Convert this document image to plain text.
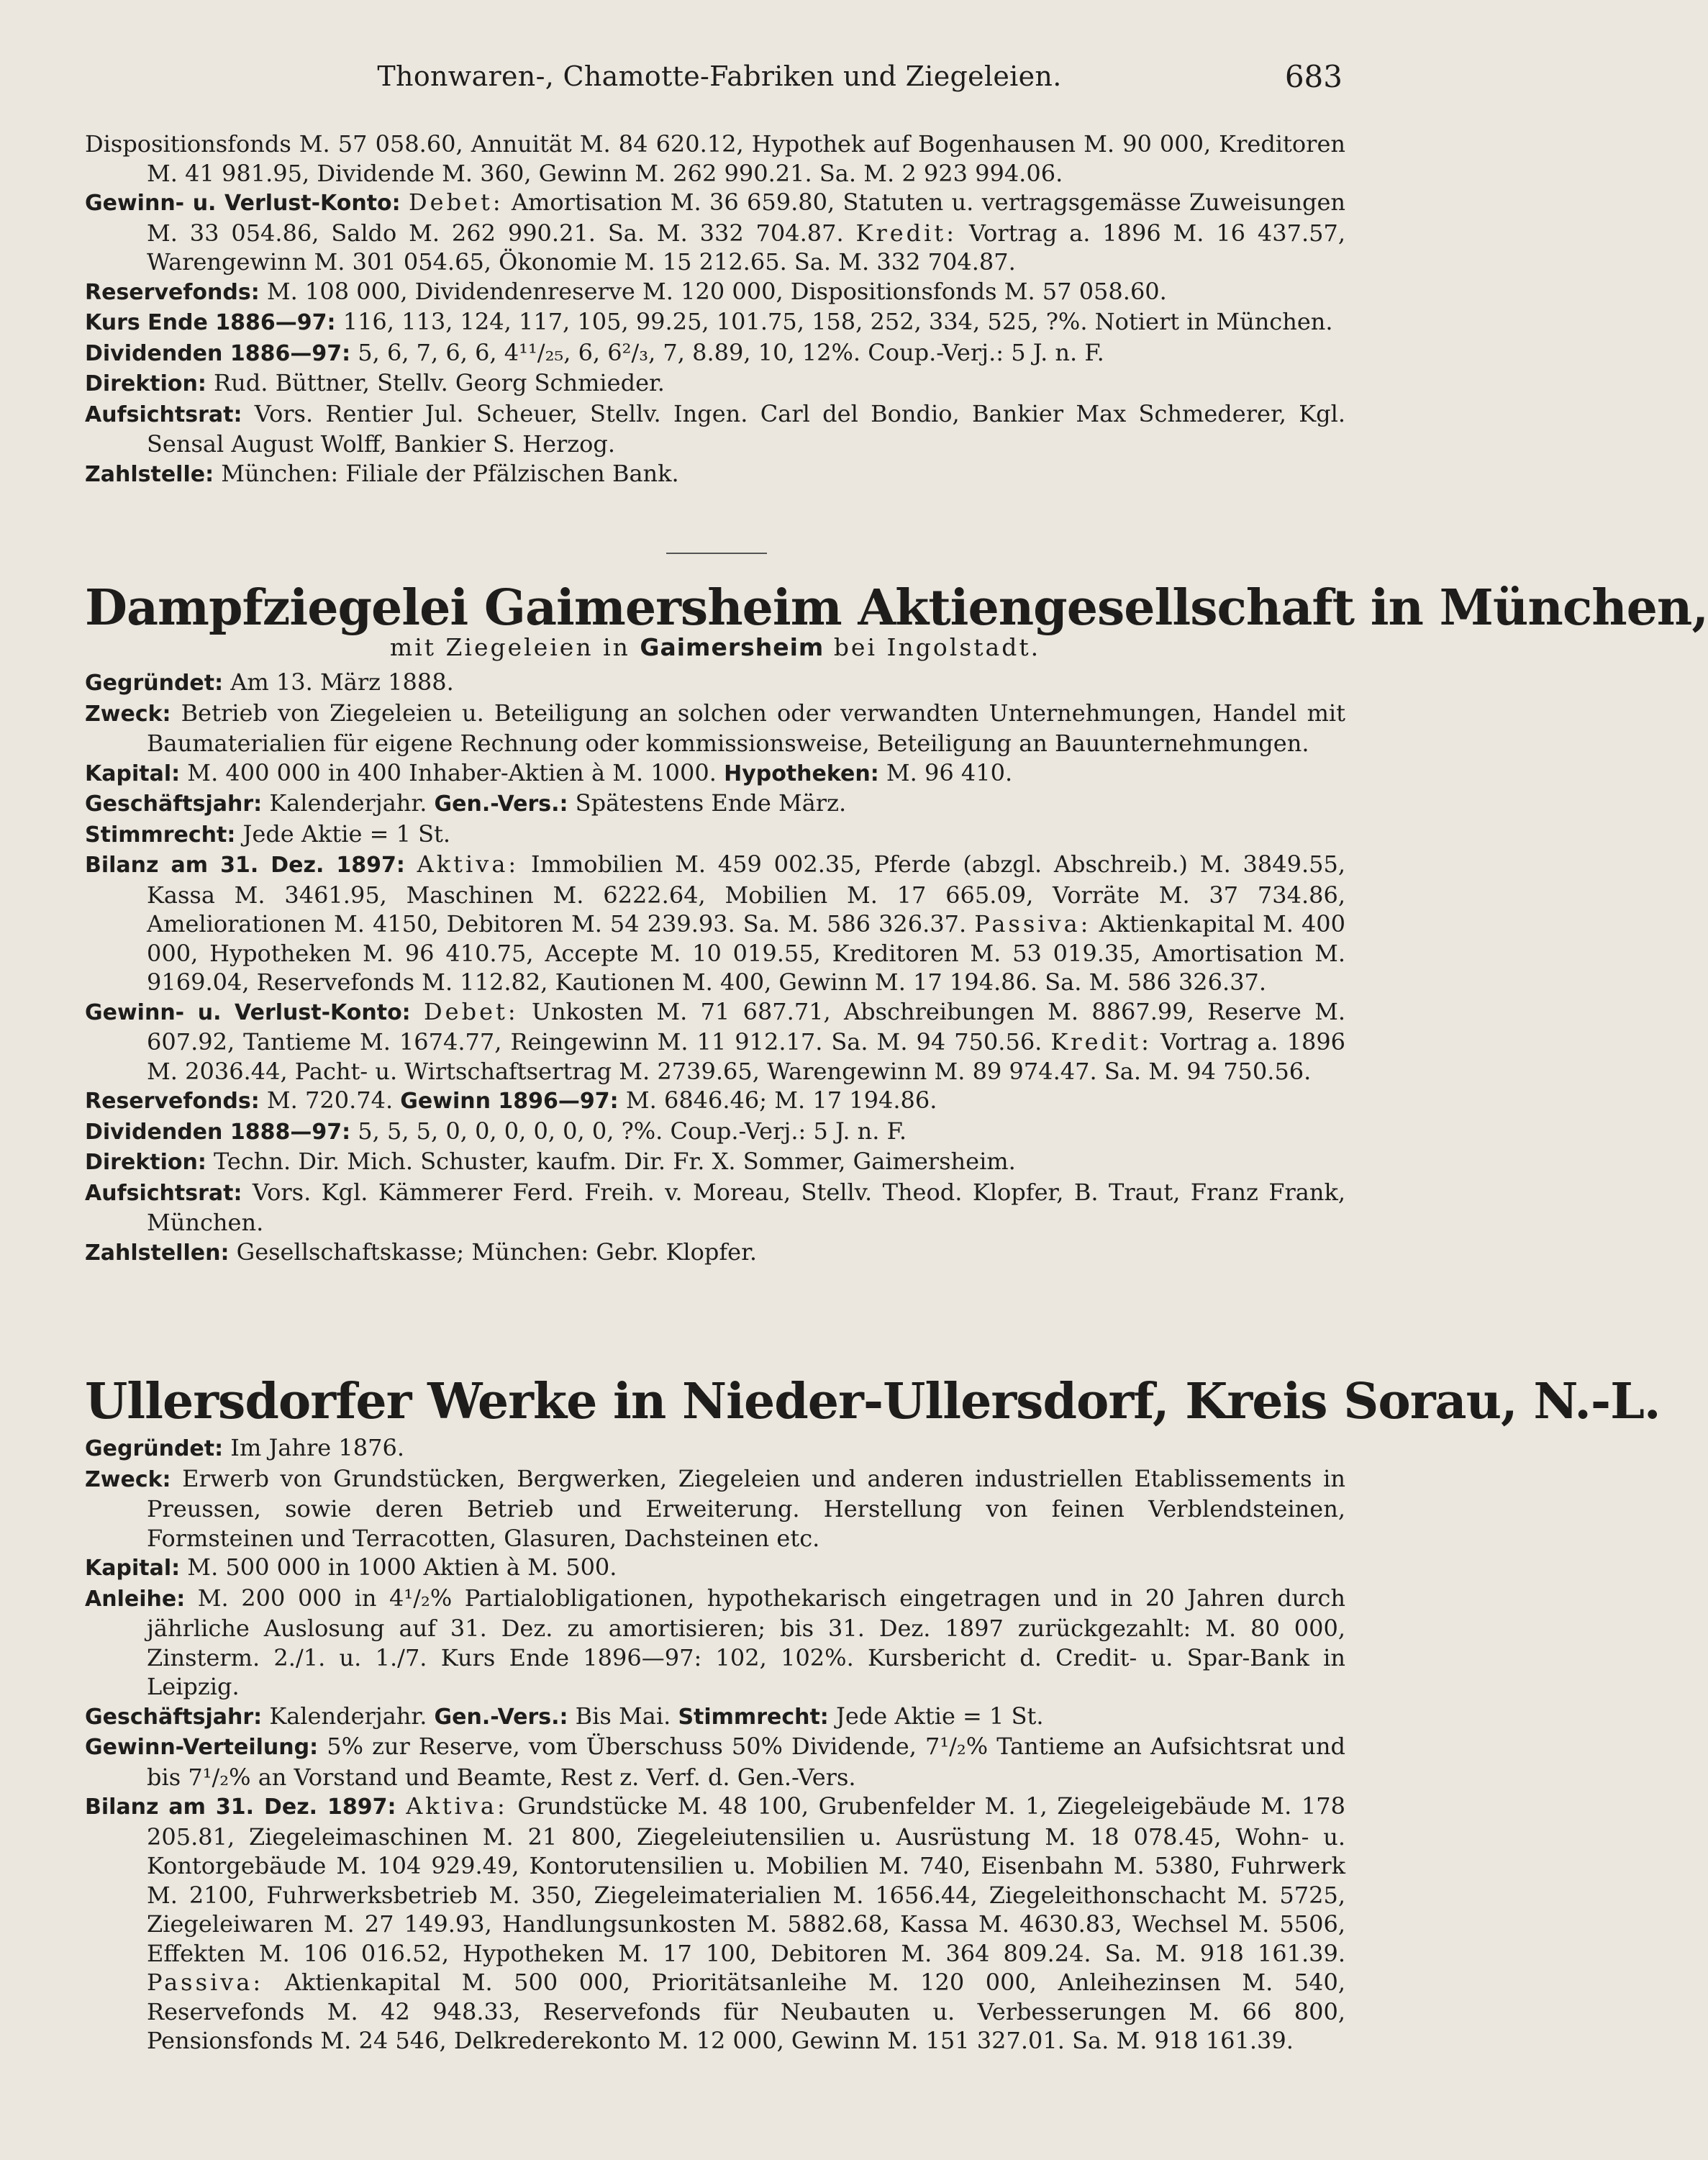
Thonwaren-, Chamotte-Fabriken und Ziegeleien.	683

Dispositionsfonds M. 57 058.60, Annuität M. 84 620.12, Hypothek auf Bogenhausen M. 90 000, Kreditoren M. 41 981.95, Dividende M. 360, Gewinn M. 262 990.21. Sa. M. 2 923 994.06.

Gewinn- u. Verlust-Konto: Debet: Amortisation M. 36 659.80, Statuten u. vertragsgemässe Zuweisungen M. 33 054.86, Saldo M. 262 990.21. Sa. M. 332 704.87. Kredit: Vortrag a. 1896 M. 16 437.57, Warengewinn M. 301 054.65, Ökonomie M. 15 212.65. Sa. M. 332 704.87.

Reservefonds: M. 108 000, Dividendenreserve M. 120 000, Dispositionsfonds M. 57 058.60.

Kurs Ende 1886—97: 116, 113, 124, 117, 105, 99.25, 101.75, 158, 252, 334, 525, ?%. Notiert in München.

Dividenden 1886—97: 5, 6, 7, 6, 6, 4¹¹/₂₅, 6, 6²/₃, 7, 8.89, 10, 12%. Coup.-Verj.: 5 J. n. F.

Direktion: Rud. Büttner, Stellv. Georg Schmieder.

Aufsichtsrat: Vors. Rentier Jul. Scheuer, Stellv. Ingen. Carl del Bondio, Bankier Max Schmederer, Kgl. Sensal August Wolff, Bankier S. Herzog.

Zahlstelle: München: Filiale der Pfälzischen Bank.

Dampfziegelei Gaimersheim Aktiengesellschaft in München,
mit Ziegeleien in Gaimersheim bei Ingolstadt.

Gegründet: Am 13. März 1888.

Zweck: Betrieb von Ziegeleien u. Beteiligung an solchen oder verwandten Unternehmungen, Handel mit Baumaterialien für eigene Rechnung oder kommissionsweise, Beteiligung an Bauunternehmungen.

Kapital: M. 400 000 in 400 Inhaber-Aktien à M. 1000. Hypotheken: M. 96 410.

Geschäftsjahr: Kalenderjahr. Gen.-Vers.: Spätestens Ende März.

Stimmrecht: Jede Aktie = 1 St.

Bilanz am 31. Dez. 1897: Aktiva: Immobilien M. 459 002.35, Pferde (abzgl. Abschreib.) M. 3849.55, Kassa M. 3461.95, Maschinen M. 6222.64, Mobilien M. 17 665.09, Vorräte M. 37 734.86, Ameliorationen M. 4150, Debitoren M. 54 239.93. Sa. M. 586 326.37. Passiva: Aktienkapital M. 400 000, Hypotheken M. 96 410.75, Accepte M. 10 019.55, Kreditoren M. 53 019.35, Amortisation M. 9169.04, Reservefonds M. 112.82, Kautionen M. 400, Gewinn M. 17 194.86. Sa. M. 586 326.37.

Gewinn- u. Verlust-Konto: Debet: Unkosten M. 71 687.71, Abschreibungen M. 8867.99, Reserve M. 607.92, Tantieme M. 1674.77, Reingewinn M. 11 912.17. Sa. M. 94 750.56. Kredit: Vortrag a. 1896 M. 2036.44, Pacht- u. Wirtschaftsertrag M. 2739.65, Warengewinn M. 89 974.47. Sa. M. 94 750.56.

Reservefonds: M. 720.74. Gewinn 1896—97: M. 6846.46; M. 17 194.86.

Dividenden 1888—97: 5, 5, 5, 0, 0, 0, 0, 0, 0, ?%. Coup.-Verj.: 5 J. n. F.

Direktion: Techn. Dir. Mich. Schuster, kaufm. Dir. Fr. X. Sommer, Gaimersheim.

Aufsichtsrat: Vors. Kgl. Kämmerer Ferd. Freih. v. Moreau, Stellv. Theod. Klopfer, B. Traut, Franz Frank, München.

Zahlstellen: Gesellschaftskasse; München: Gebr. Klopfer.

Ullersdorfer Werke in Nieder-Ullersdorf, Kreis Sorau, N.-L.

Gegründet: Im Jahre 1876.

Zweck: Erwerb von Grundstücken, Bergwerken, Ziegeleien und anderen industriellen Etablissements in Preussen, sowie deren Betrieb und Erweiterung. Herstellung von feinen Verblendsteinen, Formsteinen und Terracotten, Glasuren, Dachsteinen etc.

Kapital: M. 500 000 in 1000 Aktien à M. 500.

Anleihe: M. 200 000 in 4¹/₂% Partialobligationen, hypothekarisch eingetragen und in 20 Jahren durch jährliche Auslosung auf 31. Dez. zu amortisieren; bis 31. Dez. 1897 zurückgezahlt: M. 80 000, Zinsterm. 2./1. u. 1./7. Kurs Ende 1896—97: 102, 102%. Kursbericht d. Credit- u. Spar-Bank in Leipzig.

Geschäftsjahr: Kalenderjahr. Gen.-Vers.: Bis Mai. Stimmrecht: Jede Aktie = 1 St.

Gewinn-Verteilung: 5% zur Reserve, vom Überschuss 50% Dividende, 7¹/₂% Tantieme an Aufsichtsrat und bis 7¹/₂% an Vorstand und Beamte, Rest z. Verf. d. Gen.-Vers.

Bilanz am 31. Dez. 1897: Aktiva: Grundstücke M. 48 100, Grubenfelder M. 1, Ziegeleigebäude M. 178 205.81, Ziegeleimaschinen M. 21 800, Ziegeleiutensilien u. Ausrüstung M. 18 078.45, Wohn- u. Kontorgebäude M. 104 929.49, Kontorutensilien u. Mobilien M. 740, Eisenbahn M. 5380, Fuhrwerk M. 2100, Fuhrwerksbetrieb M. 350, Ziegeleimaterialien M. 1656.44, Ziegeleithonschacht M. 5725, Ziegeleiwaren M. 27 149.93, Handlungsunkosten M. 5882.68, Kassa M. 4630.83, Wechsel M. 5506, Effekten M. 106 016.52, Hypotheken M. 17 100, Debitoren M. 364 809.24. Sa. M. 918 161.39. Passiva: Aktienkapital M. 500 000, Prioritätsanleihe M. 120 000, Anleihezinsen M. 540, Reservefonds M. 42 948.33, Reservefonds für Neubauten u. Verbesserungen M. 66 800, Pensionsfonds M. 24 546, Delkrederekonto M. 12 000, Gewinn M. 151 327.01. Sa. M. 918 161.39.
